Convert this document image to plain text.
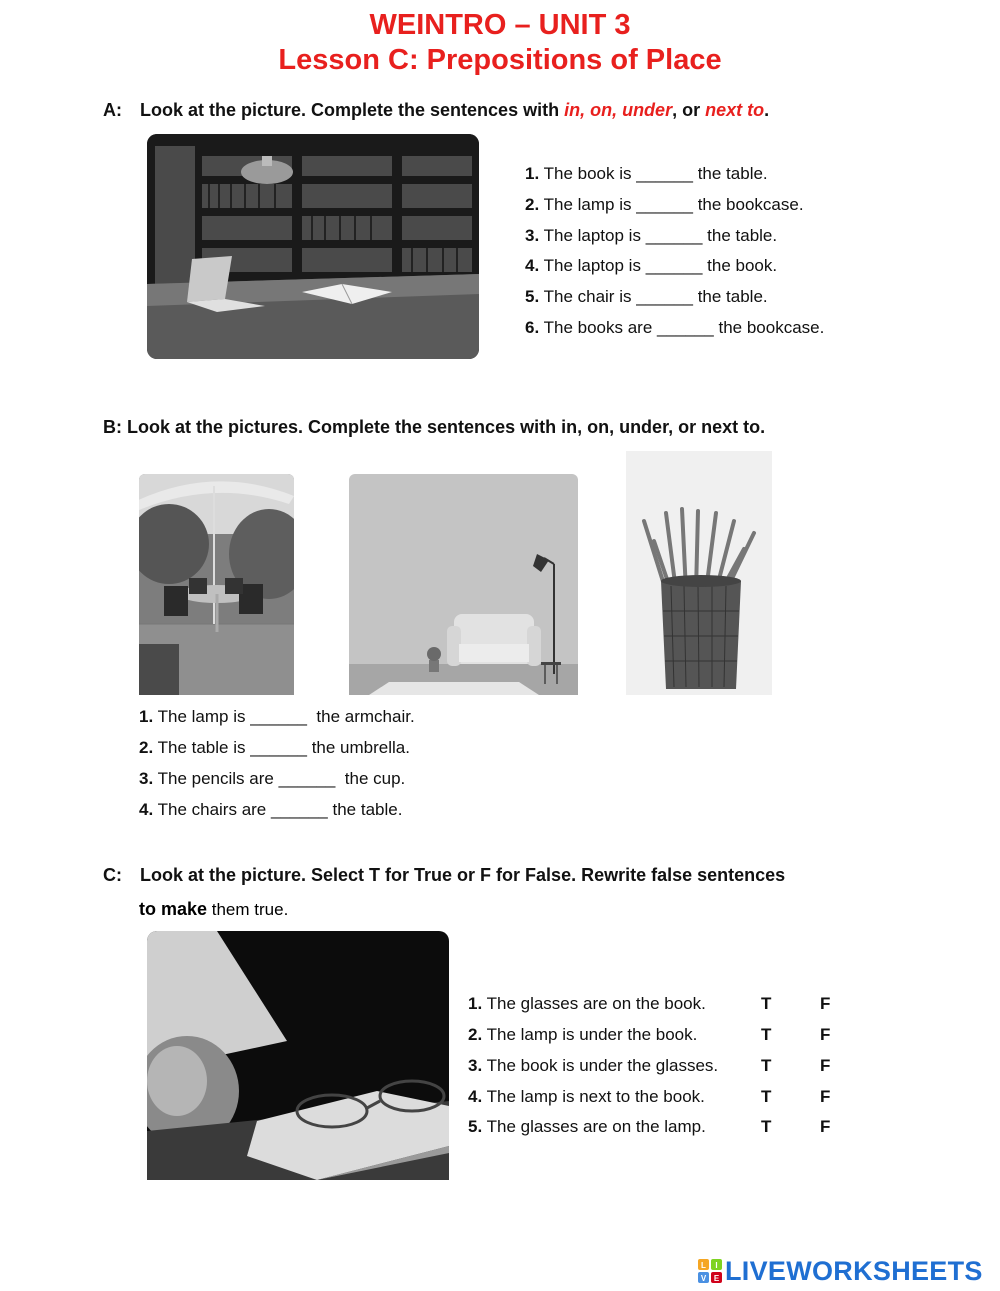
WEINTRO – UNIT 3
Lesson C: Prepositions of Place
A: Look at the picture. Complete the sentences with in, on, under, or next to.
1. The book is ______ the table.
2. The lamp is ______ the bookcase.
3. The laptop is ______ the table.
4. The laptop is ______ the book.
5. The chair is ______ the table.
6. The books are ______ the bookcase.
B: Look at the pictures. Complete the sentences with in, on, under, or next to.
1. The lamp is ______  the armchair.
2. The table is ______ the umbrella.
3. The pencils are ______  the cup.
4. The chairs are ______ the table.
C: Look at the picture. Select T for True or F for False. Rewrite false sentences
to make them true.
1. The glasses are on the book.	T	F
2. The lamp is under the book.	T	F
3. The book is under the glasses.	T	F
4. The lamp is next to the book.	T	F
5. The glasses are on the lamp.	T	F
L I
V E LIVEWORKSHEETS
